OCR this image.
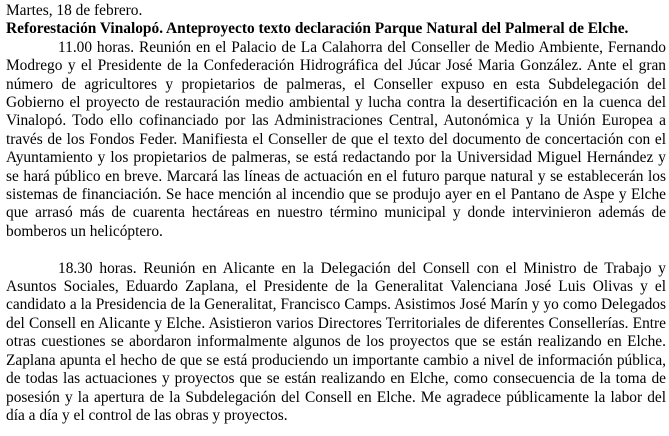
Martes, 18 de febrero.

Reforestación Vinalopó. Anteproyecto texto declaración Parque Natural del Palmeral de Elche.

11.00 horas. Reunión en el Palacio de La Calahorra del Conseller de Medio Ambiente, Fernando Modrego y el Presidente de la Confederación Hidrográfica del Júcar José Maria González. Ante el gran número de agricultores y propietarios de palmeras, el Conseller expuso en esta Subdelegación del Gobierno el proyecto de restauración medio ambiental y lucha contra la desertificación en la cuenca del Vinalopó. Todo ello cofinanciado por las Administraciones Central, Autonómica y la Unión Europea a través de los Fondos Feder. Manifiesta el Conseller de que el texto del documento de concertación con el Ayuntamiento y los propietarios de palmeras, se está redactando por la Universidad Miguel Hernández y se hará público en breve. Marcará las líneas de actuación en el futuro parque natural y se establecerán los sistemas de financiación. Se hace mención al incendio que se produjo ayer en el Pantano de Aspe y Elche que arrasó más de cuarenta hectáreas en nuestro término municipal y donde intervinieron además de bomberos un helicóptero.

18.30 horas. Reunión en Alicante en la Delegación del Consell con el Ministro de Trabajo y Asuntos Sociales, Eduardo Zaplana, el Presidente de la Generalitat Valenciana José Luis Olivas y el candidato a la Presidencia de la Generalitat, Francisco Camps. Asistimos José Marín y yo como Delegados del Consell en Alicante y Elche. Asistieron varios Directores Territoriales de diferentes Consellerías. Entre otras cuestiones se abordaron informalmente algunos de los proyectos que se están realizando en Elche. Zaplana apunta el hecho de que se está produciendo un importante cambio a nivel de información pública, de todas las actuaciones y proyectos que se están realizando en Elche, como consecuencia de la toma de posesión y la apertura de la Subdelegación del Consell en Elche. Me agradece públicamente la labor del día a día y el control de las obras y proyectos.
